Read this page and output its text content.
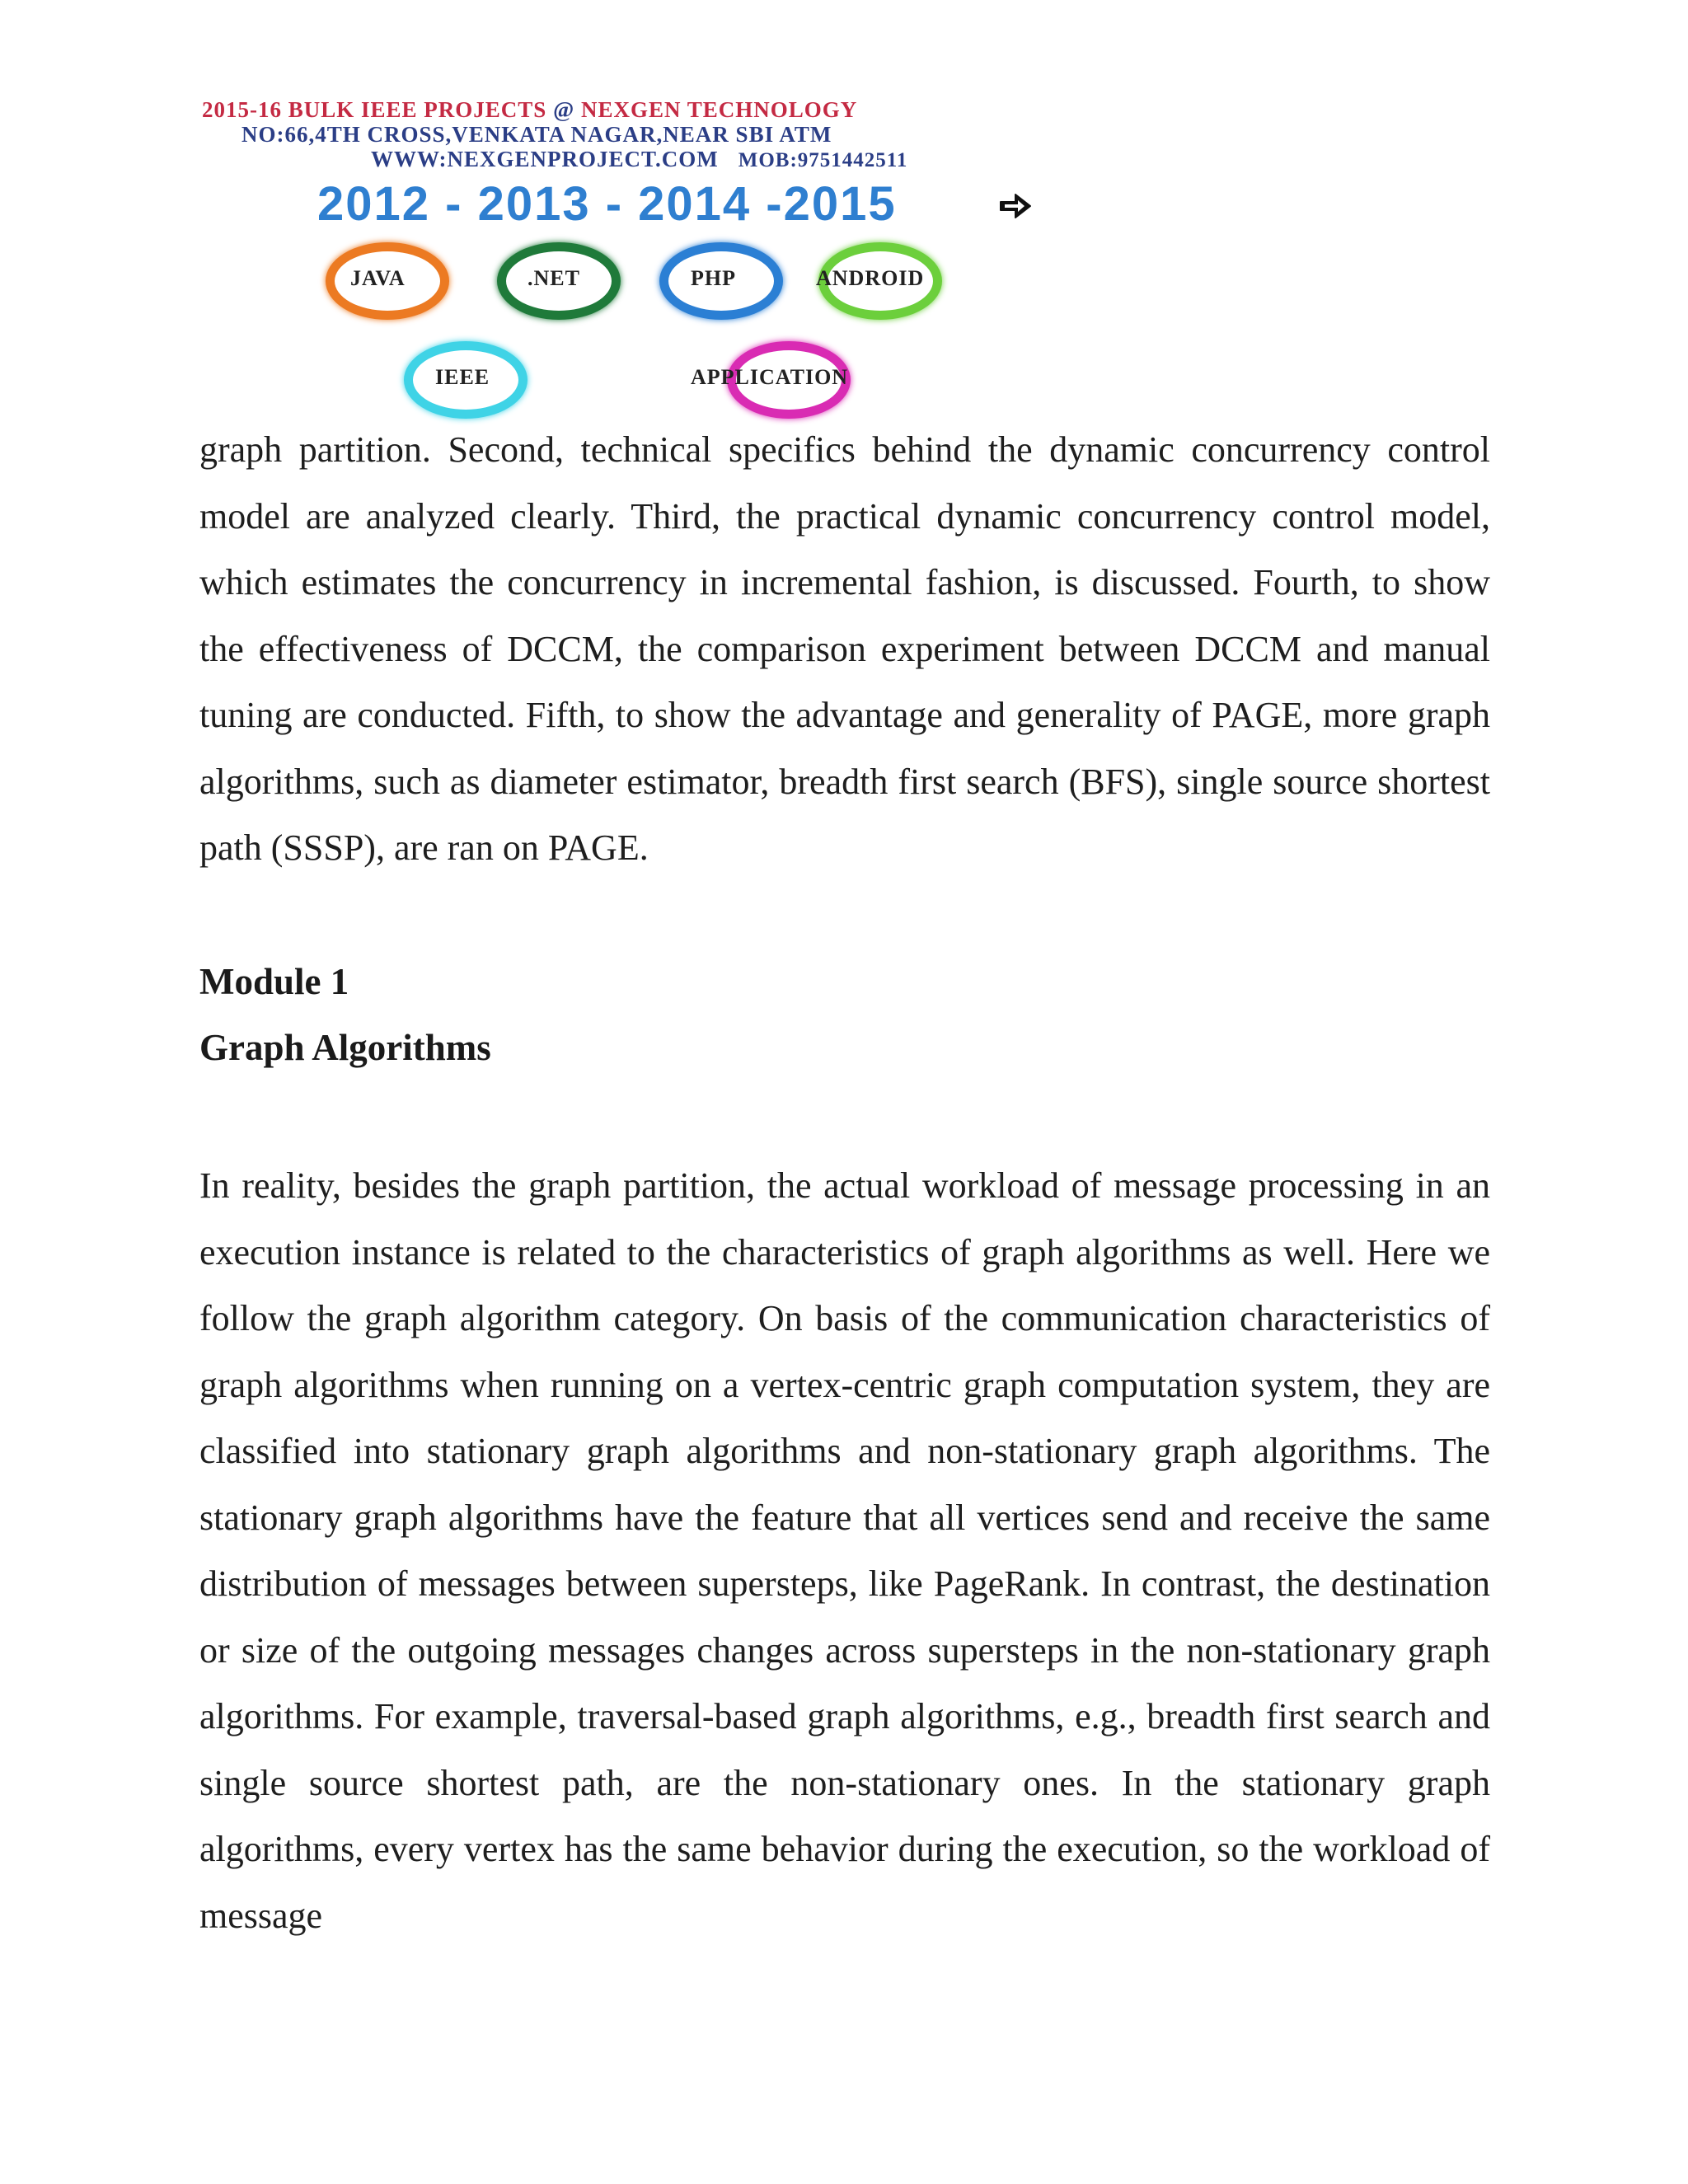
2015-16 BULK IEEE PROJECTS @ NEXGEN TECHNOLOGY
NO:66,4TH CROSS,VENKATA NAGAR,NEAR SBI ATM
WWW:NEXGENPROJECT.COM MOB:9751442511
2012 - 2013 - 2014 -2015
JAVA	.NET	PHP	ANDROID
IEEE	APPLICATION
graph partition. Second, technical specifics behind the dynamic concurrency control model are analyzed clearly. Third, the practical dynamic concurrency control model, which estimates the concurrency in incremental fashion, is discussed. Fourth, to show the effectiveness of DCCM, the comparison experiment between DCCM and manual tuning are conducted. Fifth, to show the advantage and generality of PAGE, more graph algorithms, such as diameter estimator, breadth first search (BFS), single source shortest path (SSSP), are ran on PAGE.
Module 1
Graph Algorithms
In reality, besides the graph partition, the actual workload of message processing in an execution instance is related to the characteristics of graph algorithms as well. Here we follow the graph algorithm category. On basis of the communication characteristics of graph algorithms when running on a vertex-centric graph computation system, they are classified into stationary graph algorithms and non-stationary graph algorithms. The stationary graph algorithms have the feature that all vertices send and receive the same distribution of messages between supersteps, like PageRank. In contrast, the destination or size of the outgoing messages changes across supersteps in the non-stationary graph algorithms. For example, traversal-based graph algorithms, e.g., breadth first search and single source shortest path, are the non-stationary ones. In the stationary graph algorithms, every vertex has the same behavior during the execution, so the workload of message
